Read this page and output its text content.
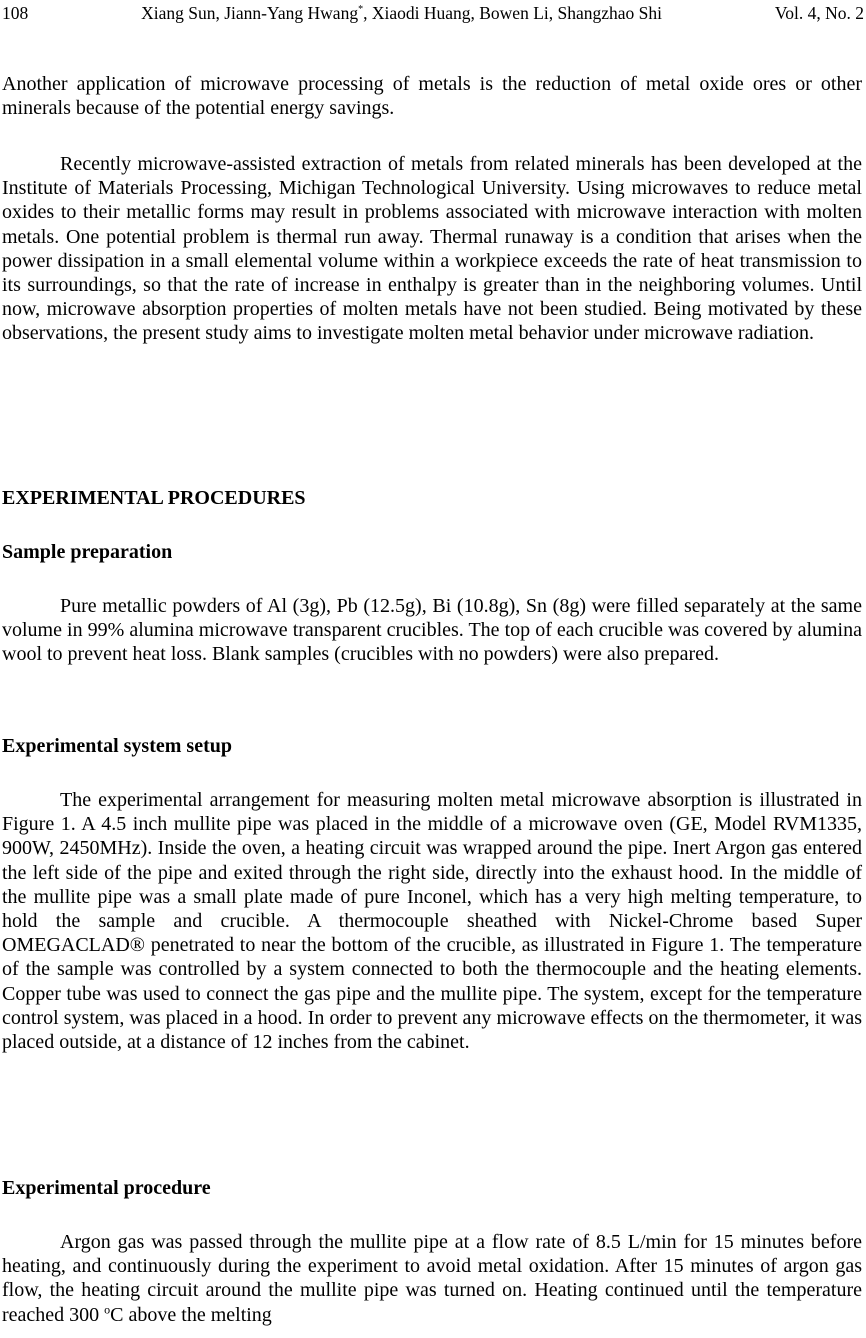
108	Xiang Sun, Jiann-Yang Hwang*, Xiaodi Huang, Bowen Li, Shangzhao Shi	Vol. 4, No. 2

Another application of microwave processing of metals is the reduction of metal oxide ores or other minerals because of the potential energy savings.

Recently microwave-assisted extraction of metals from related minerals has been developed at the Institute of Materials Processing, Michigan Technological University. Using microwaves to reduce metal oxides to their metallic forms may result in problems associated with microwave interaction with molten metals. One potential problem is thermal run away. Thermal runaway is a condition that arises when the power dissipation in a small elemental volume within a workpiece exceeds the rate of heat transmission to its surroundings, so that the rate of increase in enthalpy is greater than in the neighboring volumes. Until now, microwave absorption properties of molten metals have not been studied. Being motivated by these observations, the present study aims to investigate molten metal behavior under microwave radiation.

EXPERIMENTAL PROCEDURES
Sample preparation

Pure metallic powders of Al (3g), Pb (12.5g), Bi (10.8g), Sn (8g) were filled separately at the same volume in 99% alumina microwave transparent crucibles. The top of each crucible was covered by alumina wool to prevent heat loss. Blank samples (crucibles with no powders) were also prepared.

Experimental system setup

The experimental arrangement for measuring molten metal microwave absorption is illustrated in Figure 1. A 4.5 inch mullite pipe was placed in the middle of a microwave oven (GE, Model RVM1335, 900W, 2450MHz). Inside the oven, a heating circuit was wrapped around the pipe. Inert Argon gas entered the left side of the pipe and exited through the right side, directly into the exhaust hood. In the middle of the mullite pipe was a small plate made of pure Inconel, which has a very high melting temperature, to hold the sample and crucible. A thermocouple sheathed with Nickel-Chrome based Super OMEGACLAD® penetrated to near the bottom of the crucible, as illustrated in Figure 1. The temperature of the sample was controlled by a system connected to both the thermocouple and the heating elements. Copper tube was used to connect the gas pipe and the mullite pipe. The system, except for the temperature control system, was placed in a hood. In order to prevent any microwave effects on the thermometer, it was placed outside, at a distance of 12 inches from the cabinet.

Experimental procedure

Argon gas was passed through the mullite pipe at a flow rate of 8.5 L/min for 15 minutes before heating, and continuously during the experiment to avoid metal oxidation. After 15 minutes of argon gas flow, the heating circuit around the mullite pipe was turned on. Heating continued until the temperature reached 300 $^o$C above the melting
